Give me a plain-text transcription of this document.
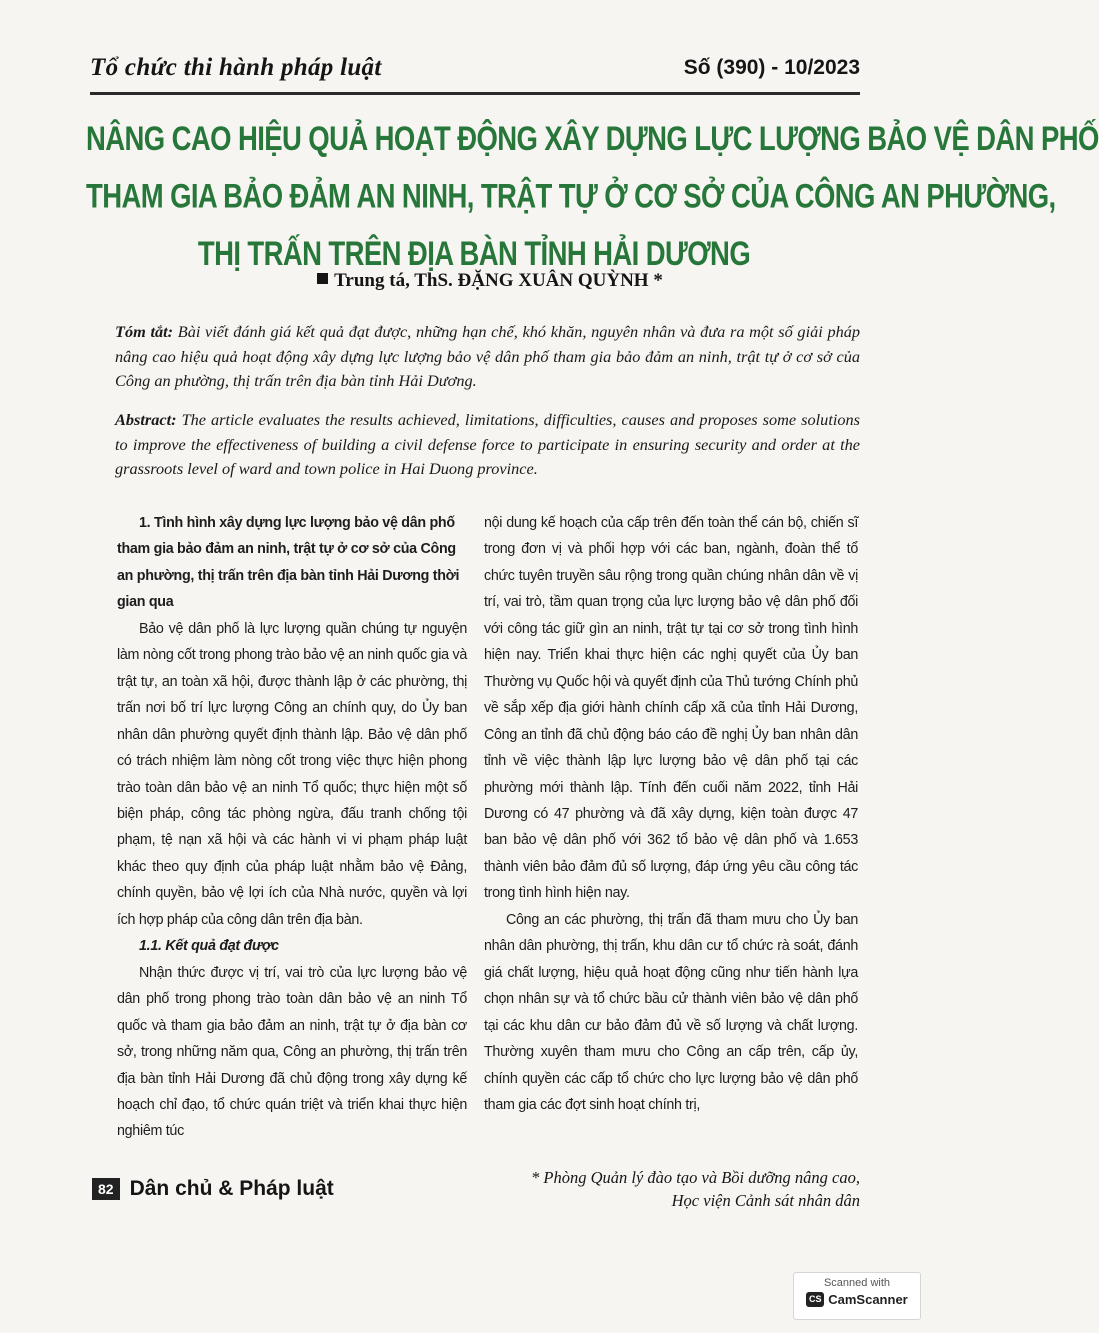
Tổ chức thi hành pháp luật	Số (390) - 10/2023
NÂNG CAO HIỆU QUẢ HOẠT ĐỘNG XÂY DỰNG LỰC LƯỢNG BẢO VỆ DÂN PHỐ
THAM GIA BẢO ĐẢM AN NINH, TRẬT TỰ Ở CƠ SỞ CỦA CÔNG AN PHƯỜNG,
THỊ TRẤN TRÊN ĐỊA BÀN TỈNH HẢI DƯƠNG
Trung tá, ThS. ĐẶNG XUÂN QUỲNH *
Tóm tắt: Bài viết đánh giá kết quả đạt được, những hạn chế, khó khăn, nguyên nhân và đưa ra một số giải pháp nâng cao hiệu quả hoạt động xây dựng lực lượng bảo vệ dân phố tham gia bảo đảm an ninh, trật tự ở cơ sở của Công an phường, thị trấn trên địa bàn tỉnh Hải Dương.
Abstract: The article evaluates the results achieved, limitations, difficulties, causes and proposes some solutions to improve the effectiveness of building a civil defense force to participate in ensuring security and order at the grassroots level of ward and town police in Hai Duong province.

1. Tình hình xây dựng lực lượng bảo vệ dân phố tham gia bảo đảm an ninh, trật tự ở cơ sở của Công an phường, thị trấn trên địa bàn tỉnh Hải Dương thời gian qua

Bảo vệ dân phố là lực lượng quần chúng tự nguyện làm nòng cốt trong phong trào bảo vệ an ninh quốc gia và trật tự, an toàn xã hội, được thành lập ở các phường, thị trấn nơi bố trí lực lượng Công an chính quy, do Ủy ban nhân dân phường quyết định thành lập. Bảo vệ dân phố có trách nhiệm làm nòng cốt trong việc thực hiện phong trào toàn dân bảo vệ an ninh Tổ quốc; thực hiện một số biện pháp, công tác phòng ngừa, đấu tranh chống tội phạm, tệ nạn xã hội và các hành vi vi phạm pháp luật khác theo quy định của pháp luật nhằm bảo vệ Đảng, chính quyền, bảo vệ lợi ích của Nhà nước, quyền và lợi ích hợp pháp của công dân trên địa bàn.

1.1. Kết quả đạt được

Nhận thức được vị trí, vai trò của lực lượng bảo vệ dân phố trong phong trào toàn dân bảo vệ an ninh Tổ quốc và tham gia bảo đảm an ninh, trật tự ở địa bàn cơ sở, trong những năm qua, Công an phường, thị trấn trên địa bàn tỉnh Hải Dương đã chủ động trong xây dựng kế hoạch chỉ đạo, tổ chức quán triệt và triển khai thực hiện nghiêm túc

nội dung kế hoạch của cấp trên đến toàn thể cán bộ, chiến sĩ trong đơn vị và phối hợp với các ban, ngành, đoàn thể tổ chức tuyên truyền sâu rộng trong quần chúng nhân dân về vị trí, vai trò, tầm quan trọng của lực lượng bảo vệ dân phố đối với công tác giữ gìn an ninh, trật tự tại cơ sở trong tình hình hiện nay. Triển khai thực hiện các nghị quyết của Ủy ban Thường vụ Quốc hội và quyết định của Thủ tướng Chính phủ về sắp xếp địa giới hành chính cấp xã của tỉnh Hải Dương, Công an tỉnh đã chủ động báo cáo đề nghị Ủy ban nhân dân tỉnh về việc thành lập lực lượng bảo vệ dân phố tại các phường mới thành lập. Tính đến cuối năm 2022, tỉnh Hải Dương có 47 phường và đã xây dựng, kiện toàn được 47 ban bảo vệ dân phố với 362 tổ bảo vệ dân phố và 1.653 thành viên bảo đảm đủ số lượng, đáp ứng yêu cầu công tác trong tình hình hiện nay.

Công an các phường, thị trấn đã tham mưu cho Ủy ban nhân dân phường, thị trấn, khu dân cư tổ chức rà soát, đánh giá chất lượng, hiệu quả hoạt động cũng như tiến hành lựa chọn nhân sự và tổ chức bầu cử thành viên bảo vệ dân phố tại các khu dân cư bảo đảm đủ về số lượng và chất lượng. Thường xuyên tham mưu cho Công an cấp trên, cấp ủy, chính quyền các cấp tổ chức cho lực lượng bảo vệ dân phố tham gia các đợt sinh hoạt chính trị,

82 Dân chủ & Pháp luật	* Phòng Quản lý đào tạo và Bồi dưỡng nâng cao,
Học viện Cảnh sát nhân dân
Scanned with
CS CamScanner
